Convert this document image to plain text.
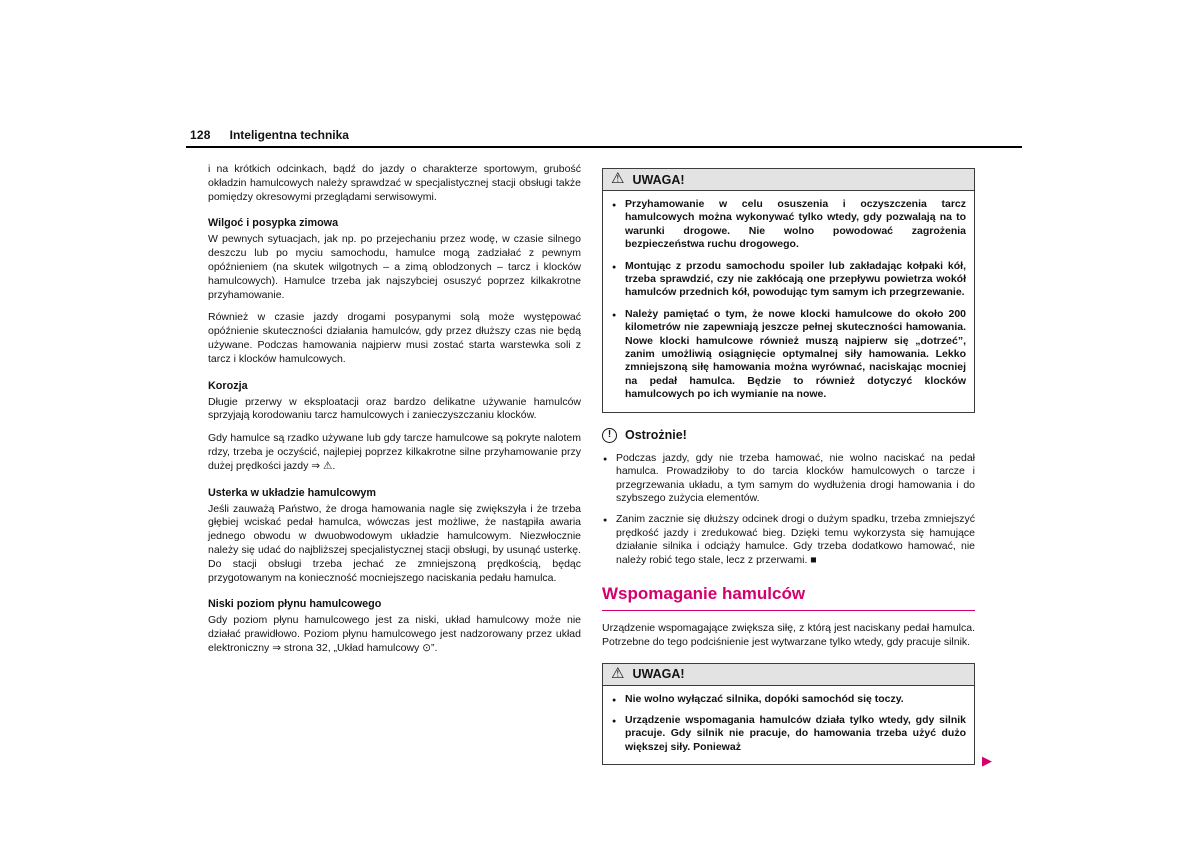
128 Inteligentna technika

i na krótkich odcinkach, bądź do jazdy o charakterze sportowym, grubość okładzin hamulcowych należy sprawdzać w specjalistycznej stacji obsługi także pomiędzy okresowymi przeglądami serwisowymi.

Wilgoć i posypka zimowa

W pewnych sytuacjach, jak np. po przejechaniu przez wodę, w czasie silnego deszczu lub po myciu samochodu, hamulce mogą zadziałać z pewnym opóźnieniem (na skutek wilgotnych – a zimą oblodzonych – tarcz i klocków hamulcowych). Hamulce trzeba jak najszybciej osuszyć poprzez kilkakrotne przyhamowanie.

Również w czasie jazdy drogami posypanymi solą może występować opóźnienie skuteczności działania hamulców, gdy przez dłuższy czas nie będą używane. Podczas hamowania najpierw musi zostać starta warstewka soli z tarcz i klocków hamulcowych.

Korozja

Długie przerwy w eksploatacji oraz bardzo delikatne używanie hamulców sprzyjają korodowaniu tarcz hamulcowych i zanieczyszczaniu klocków.

Gdy hamulce są rzadko używane lub gdy tarcze hamulcowe są pokryte nalotem rdzy, trzeba je oczyścić, najlepiej poprzez kilkakrotne silne przyhamowanie przy dużej prędkości jazdy ⇒ ⚠.

Usterka w układzie hamulcowym

Jeśli zauważą Państwo, że droga hamowania nagle się zwiększyła i że trzeba głębiej wciskać pedał hamulca, wówczas jest możliwe, że nastąpiła awaria jednego obwodu w dwuobwodowym układzie hamulcowym. Niezwłocznie należy się udać do najbliższej specjalistycznej stacji obsługi, by usunąć usterkę. Do stacji obsługi trzeba jechać ze zmniejszoną prędkością, będąc przygotowanym na konieczność mocniejszego naciskania pedału hamulca.

Niski poziom płynu hamulcowego

Gdy poziom płynu hamulcowego jest za niski, układ hamulcowy może nie działać prawidłowo. Poziom płynu hamulcowego jest nadzorowany przez układ elektroniczny ⇒ strona 32, „Układ hamulcowy ⊙”.

⚠ UWAGA!
● Przyhamowanie w celu osuszenia i oczyszczenia tarcz hamulcowych można wykonywać tylko wtedy, gdy pozwalają na to warunki drogowe. Nie wolno powodować zagrożenia bezpieczeństwa ruchu drogowego.
● Montując z przodu samochodu spoiler lub zakładając kołpaki kół, trzeba sprawdzić, czy nie zakłócają one przepływu powietrza wokół hamulców przednich kół, powodując tym samym ich przegrzewanie.
● Należy pamiętać o tym, że nowe klocki hamulcowe do około 200 kilometrów nie zapewniają jeszcze pełnej skuteczności hamowania. Nowe klocki hamulcowe również muszą najpierw się „dotrzeć”, zanim umożliwią osiągnięcie optymalnej siły hamowania. Lekko zmniejszoną siłę hamowania można wyrównać, naciskając mocniej na pedał hamulca. Będzie to również dotyczyć klocków hamulcowych po ich wymianie na nowe.
! Ostrożnie!
● Podczas jazdy, gdy nie trzeba hamować, nie wolno naciskać na pedał hamulca. Prowadziłoby to do tarcia klocków hamulcowych o tarcze i przegrzewania układu, a tym samym do wydłużenia drogi hamowania i do szybszego zużycia elementów.
● Zanim zacznie się dłuższy odcinek drogi o dużym spadku, trzeba zmniejszyć prędkość jazdy i zredukować bieg. Dzięki temu wykorzysta się hamujące działanie silnika i odciąży hamulce. Gdy trzeba dodatkowo hamować, nie należy robić tego stale, lecz z przerwami. ■
Wspomaganie hamulców

Urządzenie wspomagające zwiększa siłę, z którą jest naciskany pedał hamulca. Potrzebne do tego podciśnienie jest wytwarzane tylko wtedy, gdy pracuje silnik.

⚠ UWAGA!
● Nie wolno wyłączać silnika, dopóki samochód się toczy.
● Urządzenie wspomagania hamulców działa tylko wtedy, gdy silnik pracuje. Gdy silnik nie pracuje, do hamowania trzeba użyć dużo większej siły. Ponieważ
▶
